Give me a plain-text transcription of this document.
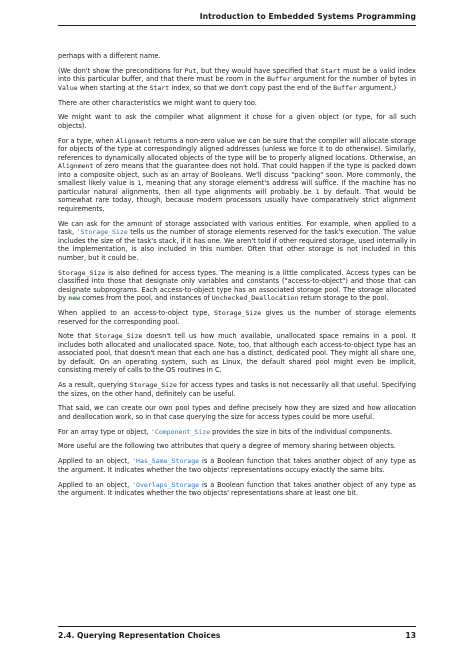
Introduction to Embedded Systems Programming

perhaps with a different name.

(We don't show the preconditions for Put, but they would have specified that Start must be a valid index into this particular buffer, and that there must be room in the Buffer argument for the number of bytes in Value when starting at the Start index, so that we don't copy past the end of the Buffer argument.)

There are other characteristics we might want to query too.

We might want to ask the compiler what alignment it chose for a given object (or type, for all such objects).

For a type, when Alignment returns a non-zero value we can be sure that the compiler will allocate storage for objects of the type at correspondingly aligned addresses (unless we force it to do otherwise). Similarly, references to dynamically allocated objects of the type will be to properly aligned locations. Otherwise, an Alignment of zero means that the guarantee does not hold. That could happen if the type is packed down into a composite object, such as an array of Booleans. We'll discuss "packing" soon. More commonly, the smallest likely value is 1, meaning that any storage element's address will suffice. If the machine has no particular natural alignments, then all type alignments will probably be 1 by default. That would be somewhat rare today, though, because modern processors usually have comparatively strict alignment requirements.

We can ask for the amount of storage associated with various entities. For example, when applied to a task, 'Storage_Size tells us the number of storage elements reserved for the task's execution. The value includes the size of the task's stack, if it has one. We aren't told if other required storage, used internally in the implementation, is also included in this number. Often that other storage is not included in this number, but it could be.

Storage_Size is also defined for access types. The meaning is a little complicated. Access types can be classified into those that designate only variables and constants ("access-to-object") and those that can designate subprograms. Each access-to-object type has an associated storage pool. The storage allocated by new comes from the pool, and instances of Unchecked_Deallocation return storage to the pool.

When applied to an access-to-object type, Storage_Size gives us the number of storage elements reserved for the corresponding pool.

Note that Storage_Size doesn't tell us how much available, unallocated space remains in a pool. It includes both allocated and unallocated space. Note, too, that although each access-to-object type has an associated pool, that doesn't mean that each one has a distinct, dedicated pool. They might all share one, by default. On an operating system, such as Linux, the default shared pool might even be implicit, consisting merely of calls to the OS routines in C.

As a result, querying Storage_Size for access types and tasks is not necessarily all that useful. Specifying the sizes, on the other hand, definitely can be useful.

That said, we can create our own pool types and define precisely how they are sized and how allocation and deallocation work, so in that case querying the size for access types could be more useful.

For an array type or object, 'Component_Size provides the size in bits of the individual components.

More useful are the following two attributes that query a degree of memory sharing between objects.

Applied to an object, 'Has_Same_Storage is a Boolean function that takes another object of any type as the argument. It indicates whether the two objects' representations occupy exactly the same bits.

Applied to an object, 'Overlaps_Storage is a Boolean function that takes another object of any type as the argument. It indicates whether the two objects' representations share at least one bit.

2.4. Querying Representation Choices	13
